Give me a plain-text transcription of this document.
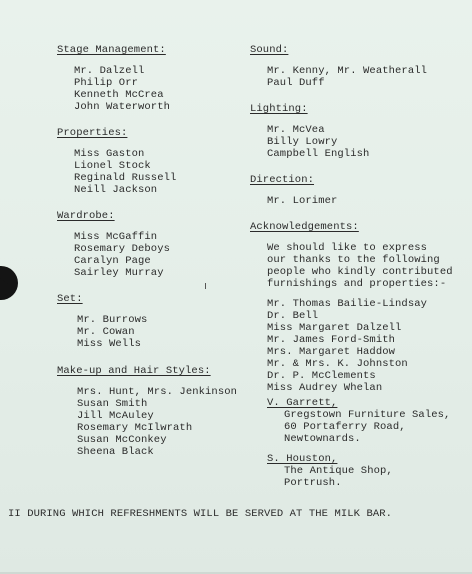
Stage Management:
Mr. Dalzell
Philip Orr
Kenneth McCrea
John Waterworth
Properties:
Miss Gaston
Lionel Stock
Reginald Russell
Neill Jackson
Wardrobe:
Miss McGaffin
Rosemary Deboys
Caralyn Page
Sairley Murray
Set:
Mr. Burrows
Mr. Cowan
Miss Wells
Make-up and Hair Styles:
Mrs. Hunt, Mrs. Jenkinson
Susan Smith
Jill McAuley
Rosemary McIlwrath
Susan McConkey
Sheena Black
Sound:
Mr. Kenny, Mr. Weatherall
Paul Duff
Lighting:
Mr. McVea
Billy Lowry
Campbell English
Direction:
Mr. Lorimer
Acknowledgements:
We should like to express
our thanks to the following
people who kindly contributed
furnishings and properties:-
Mr. Thomas Bailie-Lindsay
Dr. Bell
Miss Margaret Dalzell
Mr. James Ford-Smith
Mrs. Margaret Haddow
Mr. & Mrs. K. Johnston
Dr. P. McClements
Miss Audrey Whelan
V. Garrett,
Gregstown Furniture Sales,
60 Portaferry Road,
Newtownards.
S. Houston,
The Antique Shop,
Portrush.
II DURING WHICH REFRESHMENTS WILL BE SERVED AT THE MILK BAR.
